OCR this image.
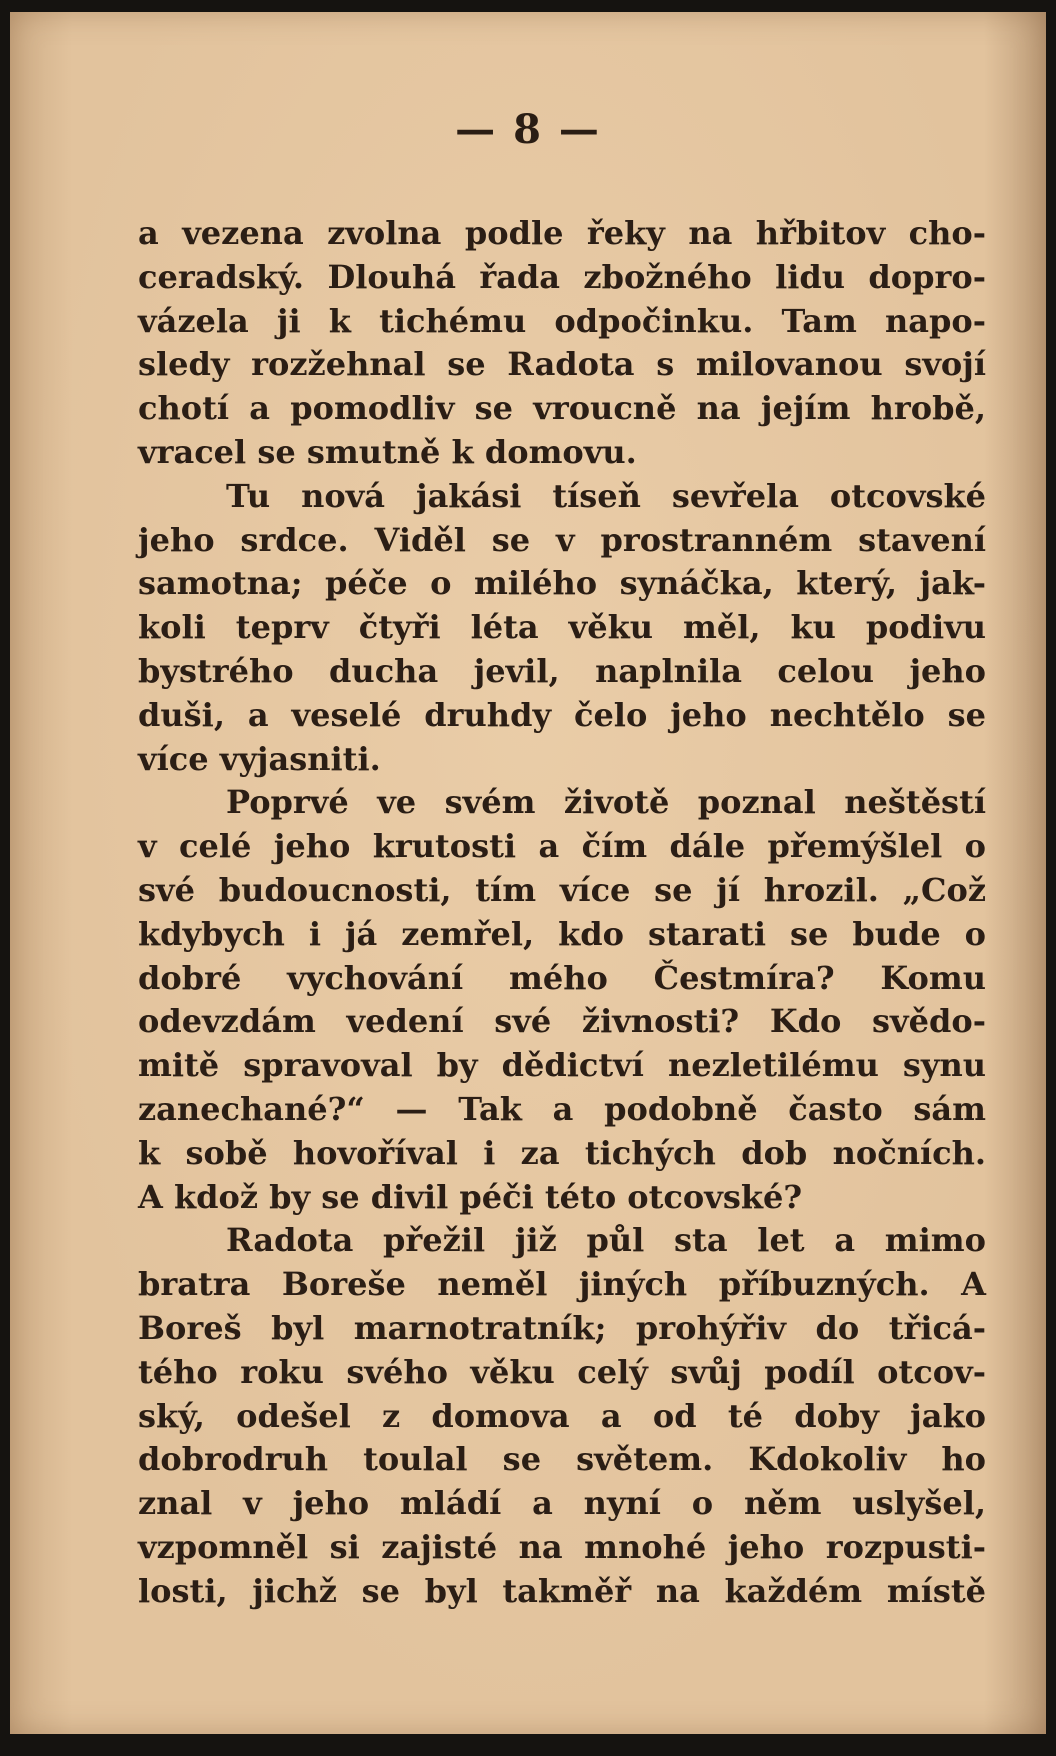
— 8 —
a vezena zvolna podle řeky na hřbitov cho-
ceradský. Dlouhá řada zbožného lidu dopro-
vázela ji k tichému odpočinku. Tam napo-
sledy rozžehnal se Radota s milovanou svojí
chotí a pomodliv se vroucně na jejím hrobě,
vracel se smutně k domovu.
Tu nová jakási tíseň sevřela otcovské
jeho srdce. Viděl se v prostranném stavení
samotna; péče o milého synáčka, který, jak-
koli teprv čtyři léta věku měl, ku podivu
bystrého ducha jevil, naplnila celou jeho
duši, a veselé druhdy čelo jeho nechtělo se
více vyjasniti.
Poprvé ve svém životě poznal neštěstí
v celé jeho krutosti a čím dále přemýšlel o
své budoucnosti, tím více se jí hrozil. „Což
kdybych i já zemřel, kdo starati se bude o
dobré vychování mého Čestmíra? Komu
odevzdám vedení své živnosti? Kdo svědo-
mitě spravoval by dědictví nezletilému synu
zanechané?“ — Tak a podobně často sám
k sobě hovoříval i za tichých dob nočních.
A kdož by se divil péči této otcovské?
Radota přežil již půl sta let a mimo
bratra Boreše neměl jiných příbuzných. A
Boreš byl marnotratník; prohýřiv do třicá-
tého roku svého věku celý svůj podíl otcov-
ský, odešel z domova a od té doby jako
dobrodruh toulal se světem. Kdokoliv ho
znal v jeho mládí a nyní o něm uslyšel,
vzpomněl si zajisté na mnohé jeho rozpusti-
losti, jichž se byl takměř na každém místě
